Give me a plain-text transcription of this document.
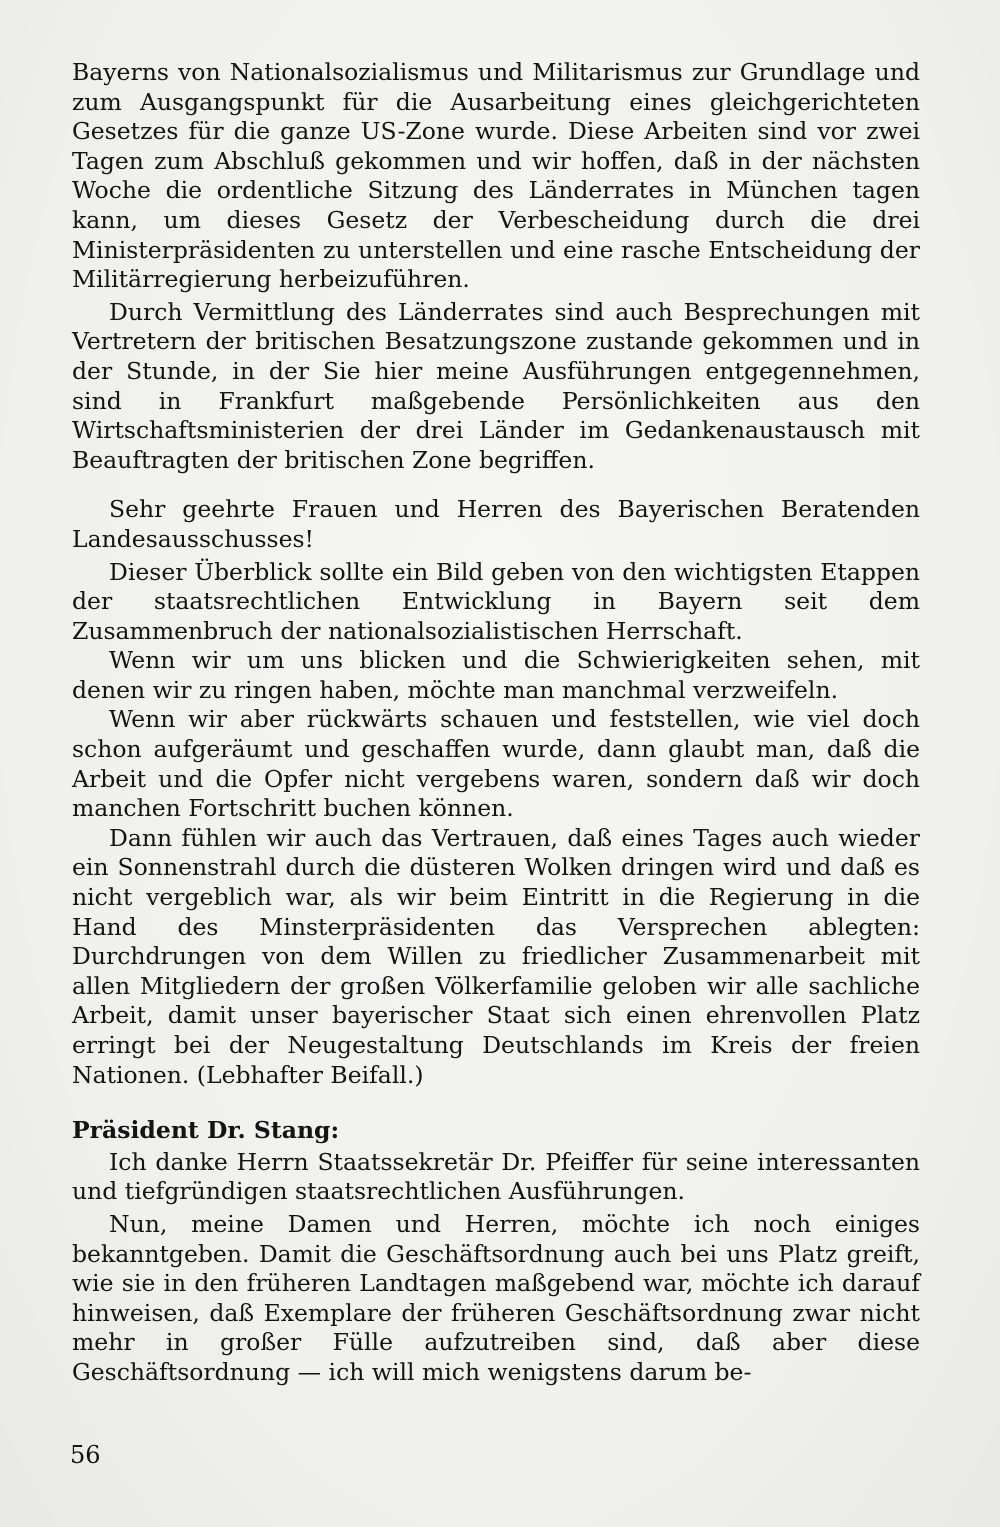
Bayerns von Nationalsozialismus und Militarismus zur Grundlage und zum Ausgangspunkt für die Ausarbeitung eines gleichgerichteten Gesetzes für die ganze US-Zone wurde. Diese Arbeiten sind vor zwei Tagen zum Abschluß gekommen und wir hoffen, daß in der nächsten Woche die ordentliche Sitzung des Länderrates in München tagen kann, um dieses Gesetz der Verbescheidung durch die drei Ministerpräsidenten zu unterstellen und eine rasche Entscheidung der Militärregierung herbeizuführen.

Durch Vermittlung des Länderrates sind auch Besprechungen mit Vertretern der britischen Besatzungszone zustande gekommen und in der Stunde, in der Sie hier meine Ausführungen entgegennehmen, sind in Frankfurt maßgebende Persönlichkeiten aus den Wirtschaftsministerien der drei Länder im Gedankenaustausch mit Beauftragten der britischen Zone begriffen.

Sehr geehrte Frauen und Herren des Bayerischen Beratenden Landesausschusses!

Dieser Überblick sollte ein Bild geben von den wichtigsten Etappen der staatsrechtlichen Entwicklung in Bayern seit dem Zusammenbruch der nationalsozialistischen Herrschaft.

Wenn wir um uns blicken und die Schwierigkeiten sehen, mit denen wir zu ringen haben, möchte man manchmal verzweifeln.

Wenn wir aber rückwärts schauen und feststellen, wie viel doch schon aufgeräumt und geschaffen wurde, dann glaubt man, daß die Arbeit und die Opfer nicht vergebens waren, sondern daß wir doch manchen Fortschritt buchen können.

Dann fühlen wir auch das Vertrauen, daß eines Tages auch wieder ein Sonnenstrahl durch die düsteren Wolken dringen wird und daß es nicht vergeblich war, als wir beim Eintritt in die Regierung in die Hand des Minsterpräsidenten das Versprechen ablegten: Durchdrungen von dem Willen zu friedlicher Zusammenarbeit mit allen Mitgliedern der großen Völkerfamilie geloben wir alle sachliche Arbeit, damit unser bayerischer Staat sich einen ehrenvollen Platz erringt bei der Neugestaltung Deutschlands im Kreis der freien Nationen. (Lebhafter Beifall.)

Präsident Dr. Stang:

Ich danke Herrn Staatssekretär Dr. Pfeiffer für seine interessanten und tiefgründigen staatsrechtlichen Ausführungen.

Nun, meine Damen und Herren, möchte ich noch einiges bekanntgeben. Damit die Geschäftsordnung auch bei uns Platz greift, wie sie in den früheren Landtagen maßgebend war, möchte ich darauf hinweisen, daß Exemplare der früheren Geschäftsordnung zwar nicht mehr in großer Fülle aufzutreiben sind, daß aber diese Geschäftsordnung — ich will mich wenigstens darum be-

56
